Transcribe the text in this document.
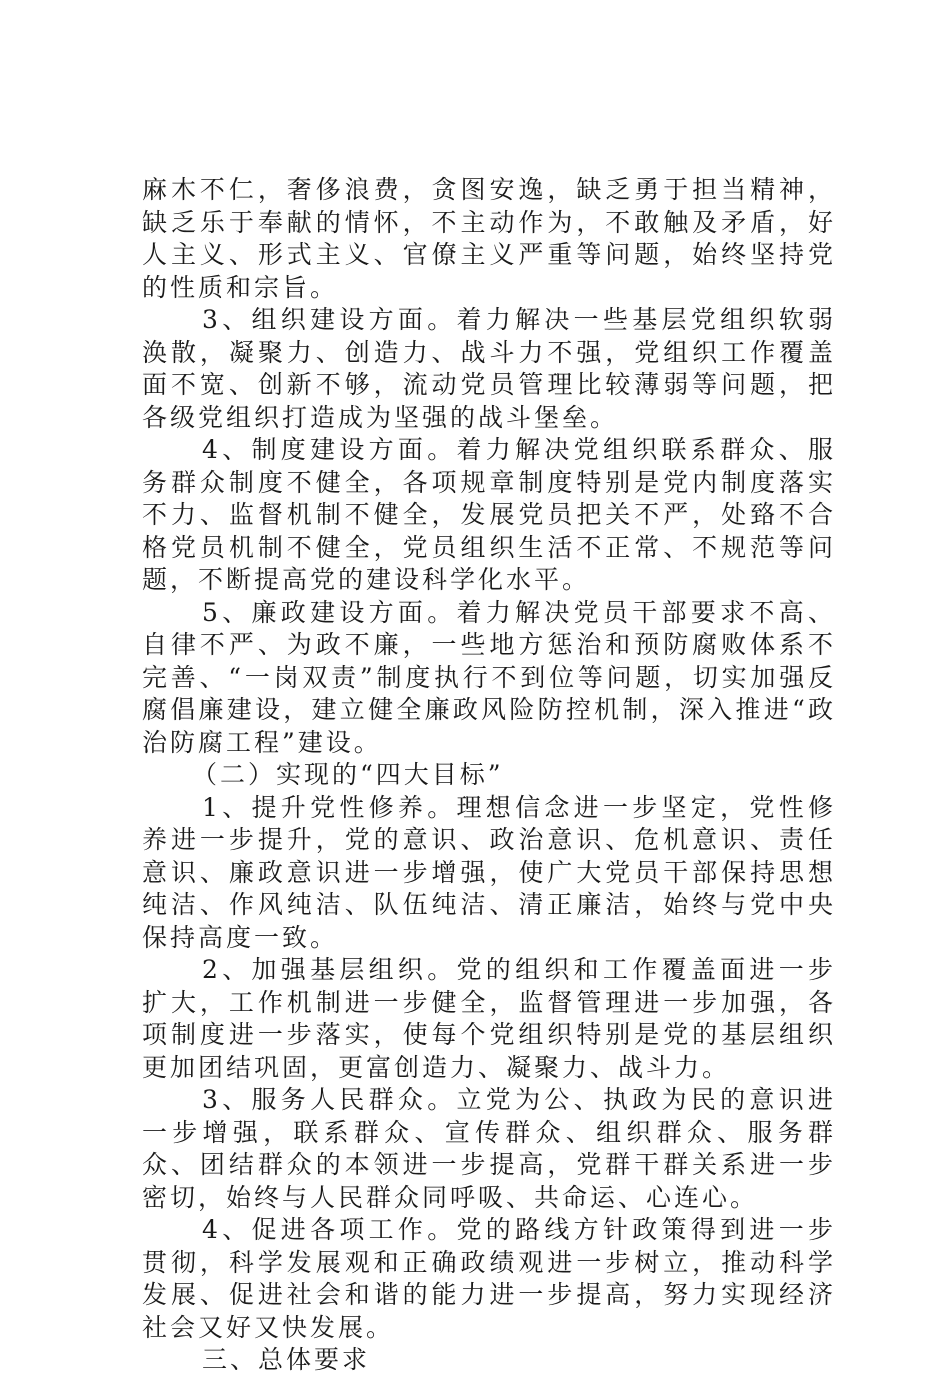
麻木不仁，奢侈浪费，贪图安逸，缺乏勇于担当精神，缺乏乐于奉献的情怀，不主动作为，不敢触及矛盾，好人主义、形式主义、官僚主义严重等问题，始终坚持党的性质和宗旨。

3、组织建设方面。着力解决一些基层党组织软弱涣散，凝聚力、创造力、战斗力不强，党组织工作覆盖面不宽、创新不够，流动党员管理比较薄弱等问题，把各级党组织打造成为坚强的战斗堡垒。

4、制度建设方面。着力解决党组织联系群众、服务群众制度不健全，各项规章制度特别是党内制度落实不力、监督机制不健全，发展党员把关不严，处臵不合格党员机制不健全，党员组织生活不正常、不规范等问题，不断提高党的建设科学化水平。

5、廉政建设方面。着力解决党员干部要求不高、自律不严、为政不廉，一些地方惩治和预防腐败体系不完善、“一岗双责”制度执行不到位等问题，切实加强反腐倡廉建设，建立健全廉政风险防控机制，深入推进“政治防腐工程”建设。

（二）实现的“四大目标”

1、提升党性修养。理想信念进一步坚定，党性修养进一步提升，党的意识、政治意识、危机意识、责任意识、廉政意识进一步增强，使广大党员干部保持思想纯洁、作风纯洁、队伍纯洁、清正廉洁，始终与党中央保持高度一致。

2、加强基层组织。党的组织和工作覆盖面进一步扩大，工作机制进一步健全，监督管理进一步加强，各项制度进一步落实，使每个党组织特别是党的基层组织更加团结巩固，更富创造力、凝聚力、战斗力。

3、服务人民群众。立党为公、执政为民的意识进一步增强，联系群众、宣传群众、组织群众、服务群众、团结群众的本领进一步提高，党群干群关系进一步密切，始终与人民群众同呼吸、共命运、心连心。

4、促进各项工作。党的路线方针政策得到进一步贯彻，科学发展观和正确政绩观进一步树立，推动科学发展、促进社会和谐的能力进一步提高，努力实现经济社会又好又快发展。

三、总体要求
